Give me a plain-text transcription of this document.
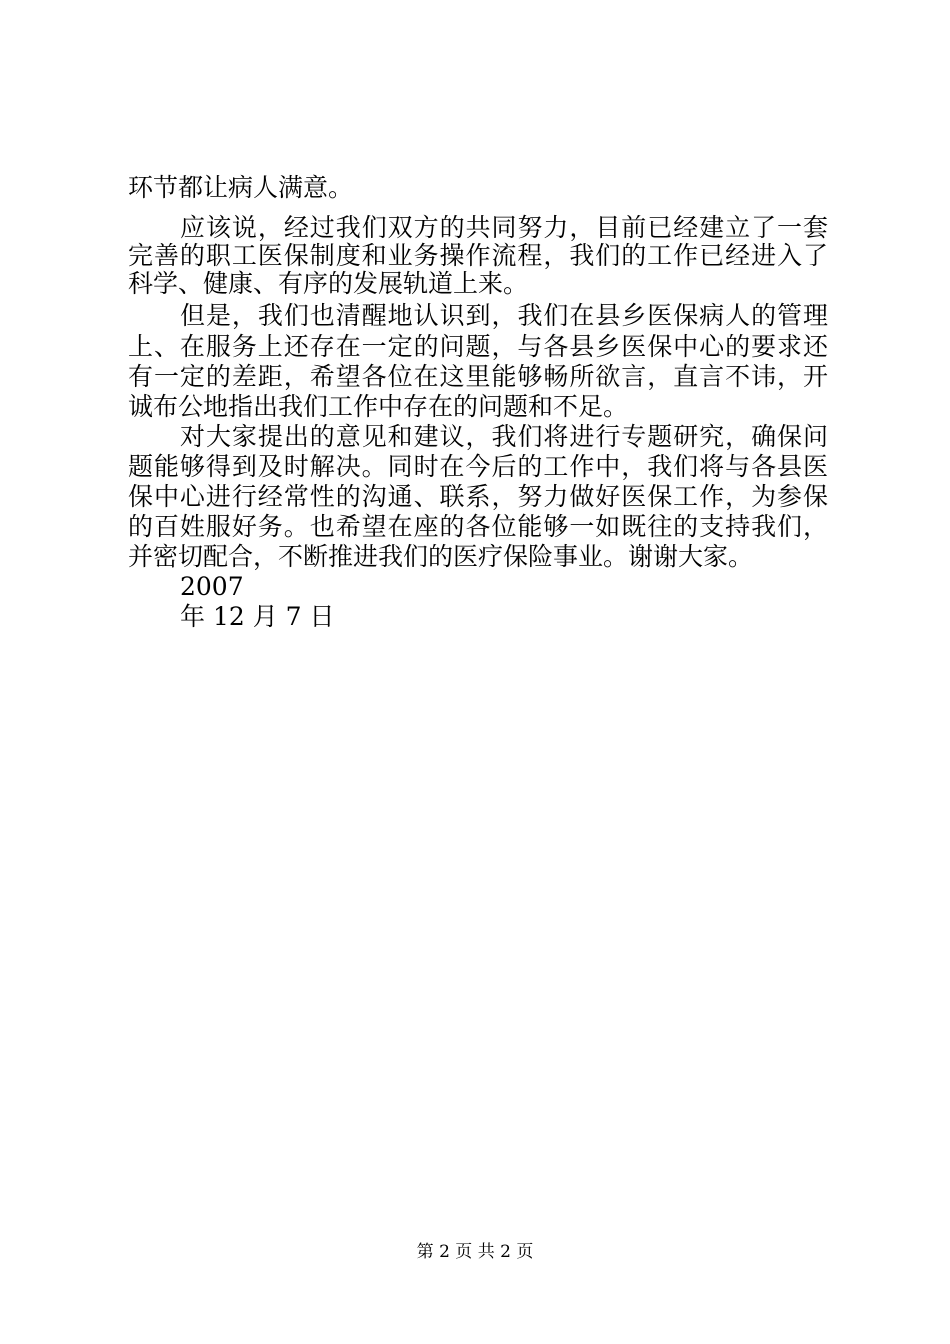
环节都让病人满意。
应该说，经过我们双方的共同努力，目前已经建立了一套
完善的职工医保制度和业务操作流程，我们的工作已经进入了
科学、健康、有序的发展轨道上来。
但是，我们也清醒地认识到，我们在县乡医保病人的管理
上、在服务上还存在一定的问题，与各县乡医保中心的要求还
有一定的差距，希望各位在这里能够畅所欲言，直言不讳，开
诚布公地指出我们工作中存在的问题和不足。
对大家提出的意见和建议，我们将进行专题研究，确保问
题能够得到及时解决。同时在今后的工作中，我们将与各县医
保中心进行经常性的沟通、联系，努力做好医保工作，为参保
的百姓服好务。也希望在座的各位能够一如既往的支持我们，
并密切配合，不断推进我们的医疗保险事业。谢谢大家。
2007
年 12 月 7 日
第 2 页 共 2 页
